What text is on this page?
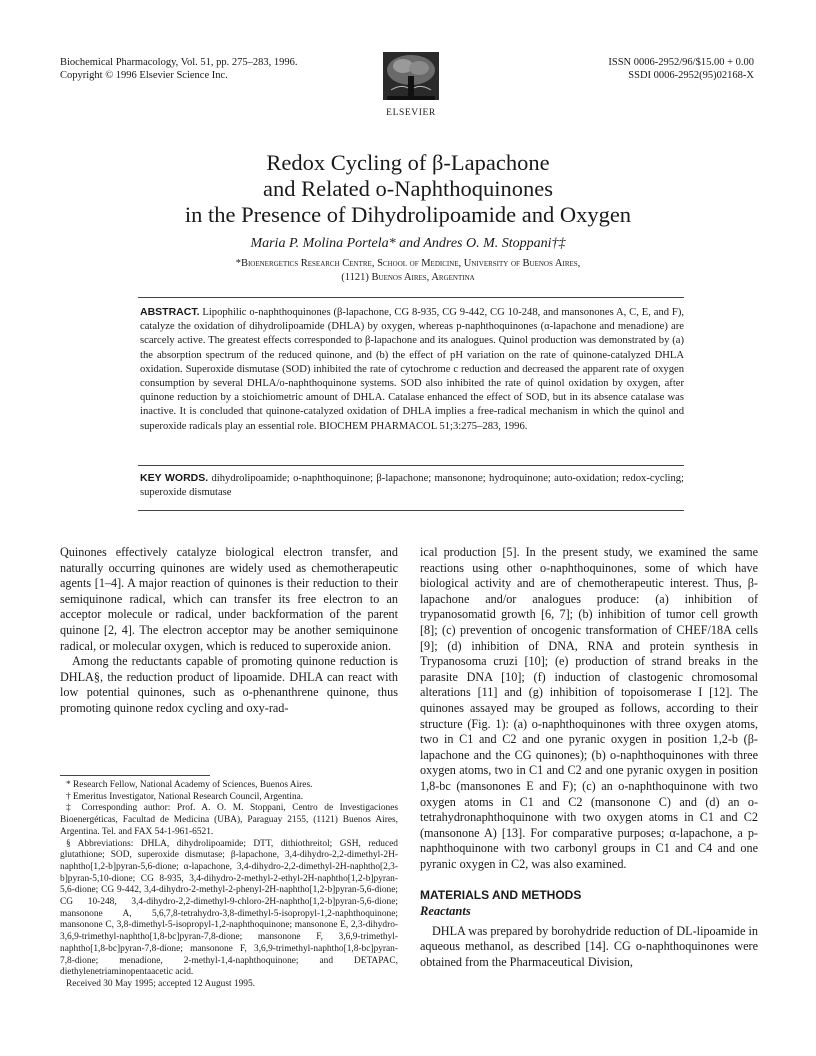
Biochemical Pharmacology, Vol. 51, pp. 275–283, 1996.
Copyright © 1996 Elsevier Science Inc.
ELSEVIER
ISSN 0006-2952/96/$15.00 + 0.00
SSDI 0006-2952(95)02168-X
Redox Cycling of β-Lapachone
and Related o-Naphthoquinones
in the Presence of Dihydrolipoamide and Oxygen
Maria P. Molina Portela* and Andres O. M. Stoppani†‡
*Bioenergetics Research Centre, School of Medicine, University of Buenos Aires,
(1121) Buenos Aires, Argentina
ABSTRACT. Lipophilic o-naphthoquinones (β-lapachone, CG 8-935, CG 9-442, CG 10-248, and mansonones A, C, E, and F), catalyze the oxidation of dihydrolipoamide (DHLA) by oxygen, whereas p-naphthoquinones (α-lapachone and menadione) are scarcely active. The greatest effects corresponded to β-lapachone and its analogues. Quinol production was demonstrated by (a) the absorption spectrum of the reduced quinone, and (b) the effect of pH variation on the rate of quinone-catalyzed DHLA oxidation. Superoxide dismutase (SOD) inhibited the rate of cytochrome c reduction and decreased the apparent rate of oxygen consumption by several DHLA/o-naphthoquinone systems. SOD also inhibited the rate of quinol oxidation by oxygen, after quinone reduction by a stoichiometric amount of DHLA. Catalase enhanced the effect of SOD, but in its absence catalase was inactive. It is concluded that quinone-catalyzed oxidation of DHLA implies a free-radical mechanism in which the quinol and superoxide radicals play an essential role. BIOCHEM PHARMACOL 51;3:275–283, 1996.
KEY WORDS. dihydrolipoamide; o-naphthoquinone; β-lapachone; mansonone; hydroquinone; auto-oxidation; redox-cycling; superoxide dismutase

Quinones effectively catalyze biological electron transfer, and naturally occurring quinones are widely used as chemotherapeutic agents [1–4]. A major reaction of quinones is their reduction to their semiquinone radical, which can transfer its free electron to an acceptor molecule or radical, under backformation of the parent quinone [2, 4]. The electron acceptor may be another semiquinone radical, or molecular oxygen, which is reduced to superoxide anion.

Among the reductants capable of promoting quinone reduction is DHLA§, the reduction product of lipoamide. DHLA can react with low potential quinones, such as o-phenanthrene quinone, thus promoting quinone redox cycling and oxy-rad-

* Research Fellow, National Academy of Sciences, Buenos Aires.

† Emeritus Investigator, National Research Council, Argentina.

‡ Corresponding author: Prof. A. O. M. Stoppani, Centro de Investigaciones Bioenergéticas, Facultad de Medicina (UBA), Paraguay 2155, (1121) Buenos Aires, Argentina. Tel. and FAX 54-1-961-6521.

§ Abbreviations: DHLA, dihydrolipoamide; DTT, dithiothreitol; GSH, reduced glutathione; SOD, superoxide dismutase; β-lapachone, 3,4-dihydro-2,2-dimethyl-2H-naphtho[1,2-b]pyran-5,6-dione; α-lapachone, 3,4-dihydro-2,2-dimethyl-2H-naphtho[2,3-b]pyran-5,10-dione; CG 8-935, 3,4-dihydro-2-methyl-2-ethyl-2H-naphtho[1,2-b]pyran-5,6-dione; CG 9-442, 3,4-dihydro-2-methyl-2-phenyl-2H-naphtho[1,2-b]pyran-5,6-dione; CG 10-248, 3,4-dihydro-2,2-dimethyl-9-chloro-2H-naphtho[1,2-b]pyran-5,6-dione; mansonone A, 5,6,7,8-tetrahydro-3,8-dimethyl-5-isopropyl-1,2-naphthoquinone; mansonone C, 3,8-dimethyl-5-isopropyl-1,2-naphthoquinone; mansonone E, 2,3-dihydro-3,6,9-trimethyl-naphtho[1,8-bc]pyran-7,8-dione; mansonone F, 3,6,9-trimethyl-naphtho[1,8-bc]pyran-7,8-dione; mansonone F, 3,6,9-trimethyl-naphtho[1,8-bc]pyran-7,8-dione; menadione, 2-methyl-1,4-naphthoquinone; and DETAPAC, diethylenetriaminopentaacetic acid.

Received 30 May 1995; accepted 12 August 1995.

ical production [5]. In the present study, we examined the same reactions using other o-naphthoquinones, some of which have biological activity and are of chemotherapeutic interest. Thus, β-lapachone and/or analogues produce: (a) inhibition of trypanosomatid growth [6, 7]; (b) inhibition of tumor cell growth [8]; (c) prevention of oncogenic transformation of CHEF/18A cells [9]; (d) inhibition of DNA, RNA and protein synthesis in Trypanosoma cruzi [10]; (e) production of strand breaks in the parasite DNA [10]; (f) induction of clastogenic chromosomal alterations [11] and (g) inhibition of topoisomerase I [12]. The quinones assayed may be grouped as follows, according to their structure (Fig. 1): (a) o-naphthoquinones with three oxygen atoms, two in C1 and C2 and one pyranic oxygen in position 1,2-b (β-lapachone and the CG quinones); (b) o-naphthoquinones with three oxygen atoms, two in C1 and C2 and one pyranic oxygen in position 1,8-bc (mansonones E and F); (c) an o-naphthoquinone with two oxygen atoms in C1 and C2 (mansonone C) and (d) an o-tetrahydronaphthoquinone with two oxygen atoms in C1 and C2 (mansonone A) [13]. For comparative purposes; α-lapachone, a p-naphthoquinone with two carbonyl groups in C1 and C4 and one pyranic oxygen in C2, was also examined.

MATERIALS AND METHODS

Reactants

DHLA was prepared by borohydride reduction of DL-lipoamide in aqueous methanol, as described [14]. CG o-naphthoquinones were obtained from the Pharmaceutical Division,
